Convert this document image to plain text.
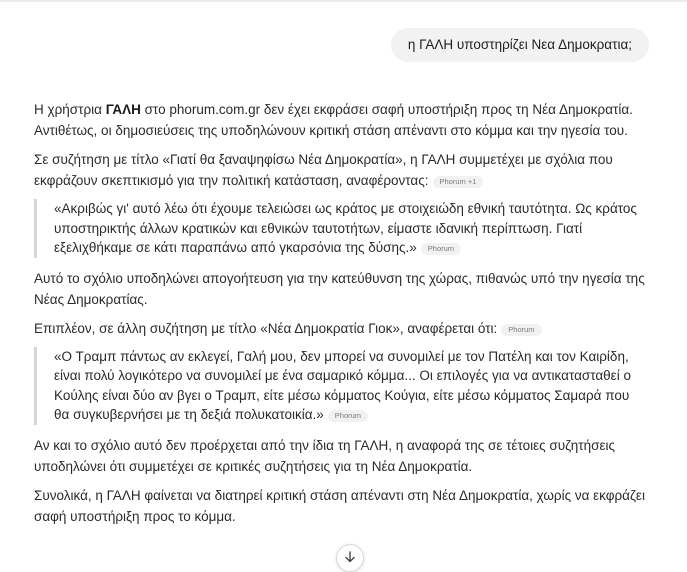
η ΓΑΛΗ υποστηρίζει Νεα Δημοκρατια;

Η χρήστρια ΓΑΛΗ στο phorum.com.gr δεν έχει εκφράσει σαφή υποστήριξη προς τη Νέα Δημοκρατία. Αντιθέτως, οι δημοσιεύσεις της υποδηλώνουν κριτική στάση απέναντι στο κόμμα και την ηγεσία του.

Σε συζήτηση με τίτλο «Γιατί θα ξαναψηφίσω Νέα Δημοκρατία», η ΓΑΛΗ συμμετέχει με σχόλια που εκφράζουν σκεπτικισμό για την πολιτική κατάσταση, αναφέροντας: Phorum +1

«Ακριβώς γι' αυτό λέω ότι έχουμε τελειώσει ως κράτος με στοιχειώδη εθνική ταυτότητα. Ως κράτος υποστηρικτής άλλων κρατικών και εθνικών ταυτοτήτων, είμαστε ιδανική περίπτωση. Γιατί εξελιχθήκαμε σε κάτι παραπάνω από γκαρσόνια της δύσης.» Phorum

Αυτό το σχόλιο υποδηλώνει απογοήτευση για την κατεύθυνση της χώρας, πιθανώς υπό την ηγεσία της Νέας Δημοκρατίας.

Επιπλέον, σε άλλη συζήτηση με τίτλο «Νέα Δημοκρατία Γιοκ», αναφέρεται ότι: Phorum

«Ο Τραμπ πάντως αν εκλεγεί, Γαλή μου, δεν μπορεί να συνομιλεί με τον Πατέλη και τον Καιρίδη, είναι πολύ λογικότερο να συνομιλεί με ένα σαμαρικό κόμμα... Οι επιλογές για να αντικατασταθεί ο Κούλης είναι δύο αν βγει ο Τραμπ, είτε μέσω κόμματος Κούγια, είτε μέσω κόμματος Σαμαρά που θα συγκυβερνήσει με τη δεξιά πολυκατοικία.» Phorum

Αν και το σχόλιο αυτό δεν προέρχεται από την ίδια τη ΓΑΛΗ, η αναφορά της σε τέτοιες συζητήσεις υποδηλώνει ότι συμμετέχει σε κριτικές συζητήσεις για τη Νέα Δημοκρατία.

Συνολικά, η ΓΑΛΗ φαίνεται να διατηρεί κριτική στάση απέναντι στη Νέα Δημοκρατία, χωρίς να εκφράζει σαφή υποστήριξη προς το κόμμα.
